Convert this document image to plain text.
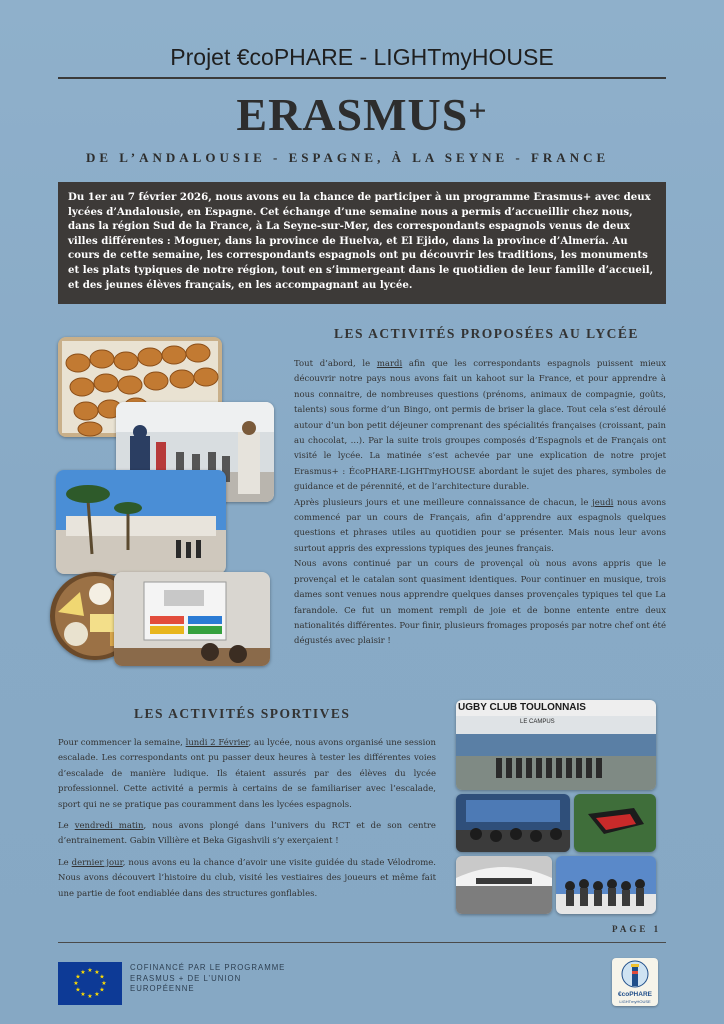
Projet €coPHARE - LIGHTmyHOUSE
ERASMUS+
DE L’ANDALOUSIE - ESPAGNE, À LA SEYNE - FRANCE
Du 1er au 7 février 2026, nous avons eu la chance de participer à un programme Erasmus+ avec deux lycées d’Andalousie, en Espagne. Cet échange d’une semaine nous a permis d’accueillir chez nous, dans la région Sud de la France, à La Seyne-sur-Mer, des correspondants espagnols venus de deux villes différentes : Moguer, dans la province de Huelva, et El Ejido, dans la province d’Almería. Au cours de cette semaine, les correspondants espagnols ont pu découvrir les traditions, les monuments et les plats typiques de notre région, tout en s’immergeant dans le quotidien de leur famille d’accueil, et des jeunes élèves français, en les accompagnant au lycée.
LES ACTIVITÉS PROPOSÉES AU LYCÉE

Tout d’abord, le mardi afin que les correspondants espagnols puissent mieux découvrir notre pays nous avons fait un kahoot sur la France, et pour apprendre à nous connaitre, de nombreuses questions (prénoms, animaux de compagnie, goûts, talents) sous forme d’un Bingo, ont permis de briser la glace. Tout cela s’est déroulé autour d’un bon petit déjeuner comprenant des spécialités françaises (croissant, pain au chocolat, ...). Par la suite trois groupes composés d’Espagnols et de Français ont visité le lycée. La matinée s’est achevée par une explication de notre projet Erasmus+ : ÉcoPHARE-LIGHTmyHOUSE abordant le sujet des phares, symboles de guidance et de pérennité, et de l’architecture durable.

Après plusieurs jours et une meilleure connaissance de chacun, le jeudi nous avons commencé par un cours de Français, afin d’apprendre aux espagnols quelques questions et phrases utiles au quotidien pour se présenter. Mais nous leur avons surtout appris des expressions typiques des jeunes français.

Nous avons continué par un cours de provençal où nous avons appris que le provençal et le catalan sont quasiment identiques. Pour continuer en musique, trois dames sont venues nous apprendre quelques danses provençales typiques tel que La farandole. Ce fut un moment rempli de joie et de bonne entente entre deux nationalités différentes. Pour finir, plusieurs fromages proposés par notre chef ont été dégustés avec plaisir !

LES ACTIVITÉS SPORTIVES

Pour commencer la semaine, lundi 2 Février, au lycée, nous avons organisé une session escalade. Les correspondants ont pu passer deux heures à tester les différentes voies d’escalade de manière ludique. Ils étaient assurés par des élèves du lycée professionnel. Cette activité a permis à certains de se familiariser avec l’escalade, sport qui ne se pratique pas couramment dans les lycées espagnols.

Le vendredi matin, nous avons plongé dans l’univers du RCT et de son centre d’entrainement. Gabin Villière et Beka Gigashvili s’y exerçaient !

Le dernier jour, nous avons eu la chance d’avoir une visite guidée du stade Vélodrome. Nous avons découvert l’histoire du club, visité les vestiaires des joueurs et même fait une partie de foot endiablée dans des structures gonflables.

UGBY CLUB TOULONNAIS
LE CAMPUS
PAGE 1
★ ★
★
★
★
★
★
★
★
★
★
★
COFINANCÉ PAR LE PROGRAMME
ERASMUS + DE L’UNION
EUROPÉENNE
€coPHARE
LIGHTmyHOUSE
